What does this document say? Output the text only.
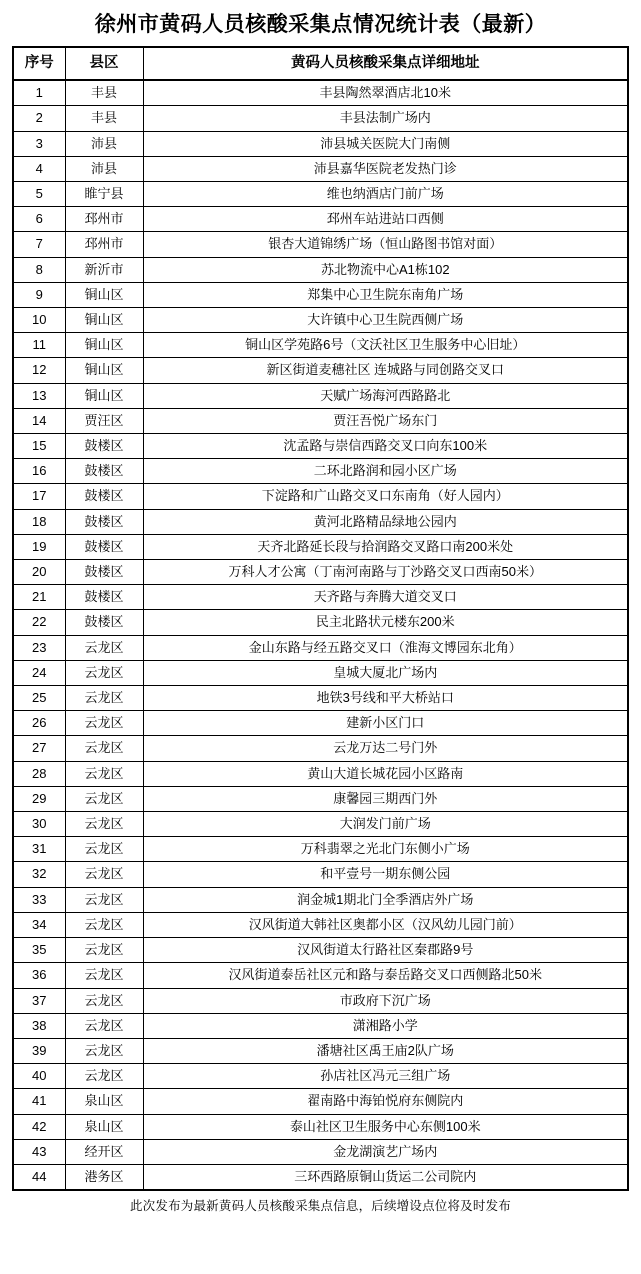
徐州市黄码人员核酸采集点情况统计表（最新）
序号	县区	黄码人员核酸采集点详细地址
1	丰县	丰县陶然翠酒店北10米
2	丰县	丰县法制广场内
3	沛县	沛县城关医院大门南侧
4	沛县	沛县嘉华医院老发热门诊
5	睢宁县	维也纳酒店门前广场
6	邳州市	邳州车站进站口西侧
7	邳州市	银杏大道锦绣广场（恒山路图书馆对面）
8	新沂市	苏北物流中心A1栋102
9	铜山区	郑集中心卫生院东南角广场
10	铜山区	大许镇中心卫生院西侧广场
11	铜山区	铜山区学苑路6号（文沃社区卫生服务中心旧址）
12	铜山区	新区街道麦穗社区 连城路与同创路交叉口
13	铜山区	天赋广场海河西路路北
14	贾汪区	贾汪吾悦广场东门
15	鼓楼区	沈孟路与崇信西路交叉口向东100米
16	鼓楼区	二环北路润和园小区广场
17	鼓楼区	下淀路和广山路交叉口东南角（好人园内）
18	鼓楼区	黄河北路精品绿地公园内
19	鼓楼区	天齐北路延长段与拾润路交叉路口南200米处
20	鼓楼区	万科人才公寓（丁南河南路与丁沙路交叉口西南50米）
21	鼓楼区	天齐路与奔腾大道交叉口
22	鼓楼区	民主北路状元楼东200米
23	云龙区	金山东路与经五路交叉口（淮海文博园东北角）
24	云龙区	皇城大厦北广场内
25	云龙区	地铁3号线和平大桥站口
26	云龙区	建新小区门口
27	云龙区	云龙万达二号门外
28	云龙区	黄山大道长城花园小区路南
29	云龙区	康馨园三期西门外
30	云龙区	大润发门前广场
31	云龙区	万科翡翠之光北门东侧小广场
32	云龙区	和平壹号一期东侧公园
33	云龙区	润金城1期北门全季酒店外广场
34	云龙区	汉风街道大韩社区奥都小区（汉风幼儿园门前）
35	云龙区	汉风街道太行路社区秦郡路9号
36	云龙区	汉风街道泰岳社区元和路与泰岳路交叉口西侧路北50米
37	云龙区	市政府下沉广场
38	云龙区	潇湘路小学
39	云龙区	潘塘社区禹王庙2队广场
40	云龙区	孙店社区冯元三组广场
41	泉山区	翟南路中海铂悦府东侧院内
42	泉山区	泰山社区卫生服务中心东侧100米
43	经开区	金龙湖演艺广场内
44	港务区	三环西路原铜山货运二公司院内
此次发布为最新黄码人员核酸采集点信息，后续增设点位将及时发布
